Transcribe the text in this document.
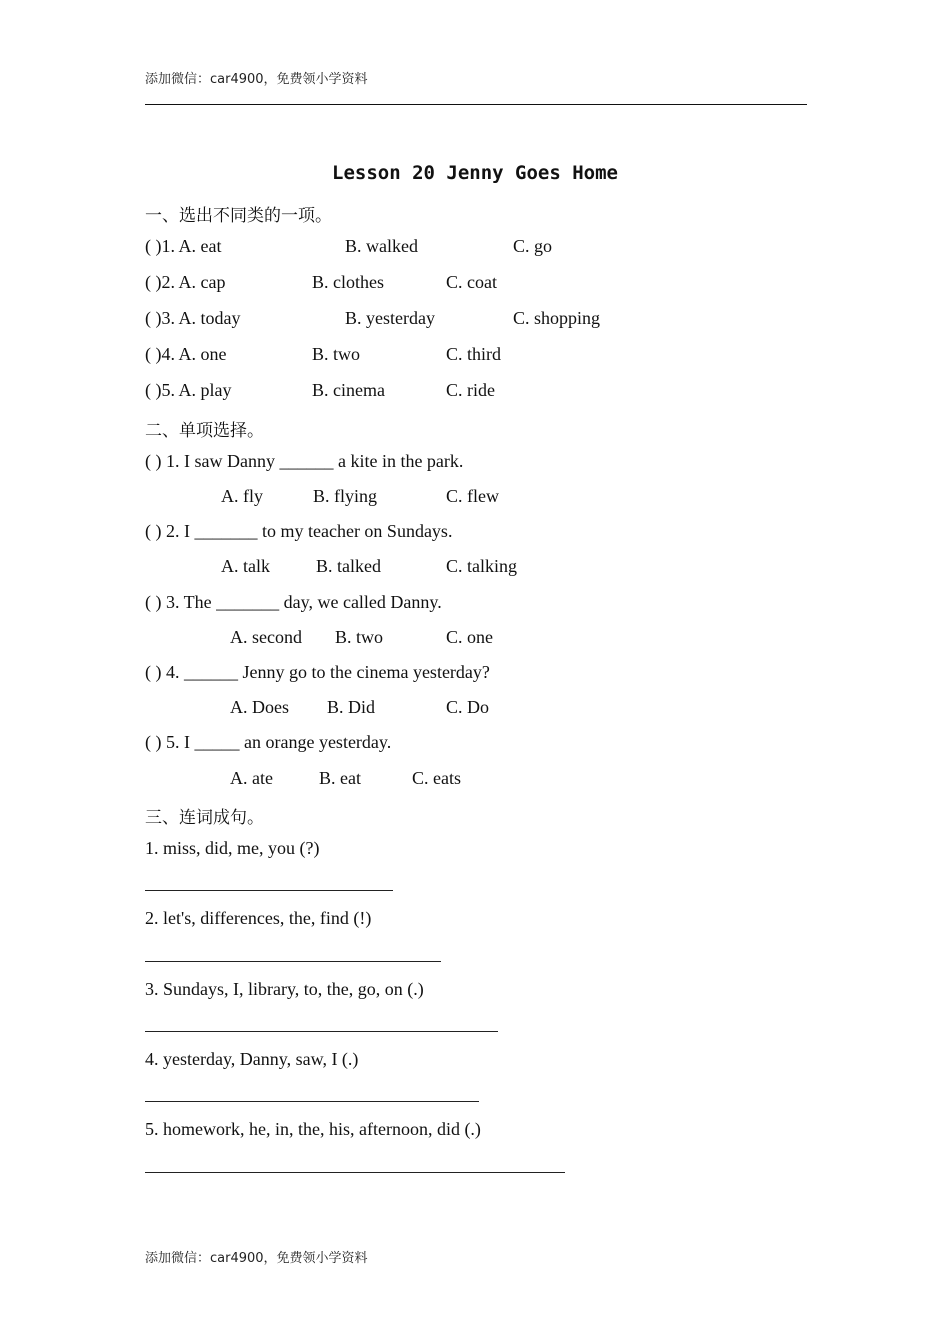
添加微信：car4900，免费领小学资料
Lesson 20 Jenny Goes Home
一、选出不同类的一项。
( )1. A. eat	B. walked	C. go
( )2. A. cap	B. clothes	C. coat
( )3. A. today	B. yesterday	C. shopping
( )4. A. one	B. two	C. third
( )5. A. play	B. cinema	C. ride
二、单项选择。
( ) 1. I saw Danny ______ a kite in the park.
A. fly	B. flying	C. flew
( ) 2. I _______ to my teacher on Sundays.
A. talk	B. talked	C. talking
( ) 3. The _______ day, we called Danny.
A. second B. two	C. one
( ) 4. ______ Jenny go to the cinema yesterday?
A. Does B. Did	C. Do
( ) 5. I _____ an orange yesterday.
A. ate	B. eat	C. eats
三、连词成句。
1. miss, did, me, you (?)
2. let's, differences, the, find (!)
3. Sundays, I, library, to, the, go, on (.)
4. yesterday, Danny, saw, I (.)
5. homework, he, in, the, his, afternoon, did (.)
添加微信：car4900，免费领小学资料
